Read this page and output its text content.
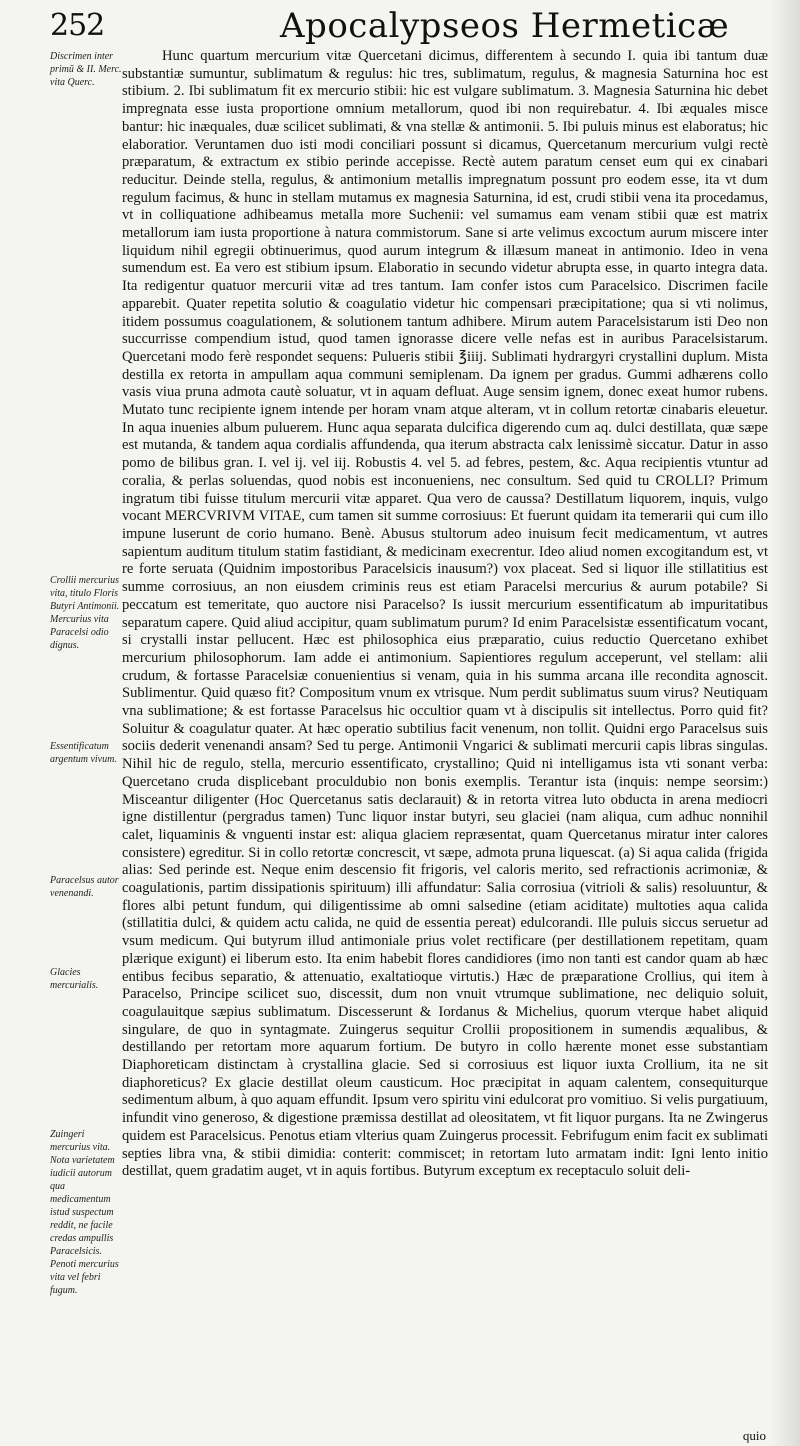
252	Apocalypseos Hermeticæ
Discrimen inter primũ & II. Merc. vita Querc.
Crollii mercurius vita, titulo Floris Butyri Antimonii. Mercurius vita Paracelsi odio dignus.
Essentificatum argentum vivum.
Paracelsus autor venenandi.
Glacies mercurialis.
Zuingeri mercurius vita. Nota varietatem iudicii autorum qua medicamentum istud suspectum reddit, ne facile credas ampullis Paracelsicis. Penoti mercurius vita vel febri fugum.

Hunc quartum mercurium vitæ Quercetani dicimus, differentem à secundo I. quia ibi tantum duæ substantiæ sumuntur, sublimatum & regulus: hic tres, sublimatum, regulus, & magnesia Saturnina hoc est stibium. 2. Ibi sublimatum fit ex mercurio stibii: hic est vulgare sublimatum. 3. Magnesia Saturnina hic debet impregnata esse iusta proportione omnium metallorum, quod ibi non requirebatur. 4. Ibi æquales misce bantur: hic inæquales, duæ scilicet sublimati, & vna stellæ & antimonii. 5. Ibi puluis minus est elaboratus; hic elaboratior. Veruntamen duo isti modi conciliari possunt si dicamus, Quercetanum mercurium vulgi rectè præparatum, & extractum ex stibio perinde accepisse. Rectè autem paratum censet eum qui ex cinabari reducitur. Deinde stella, regulus, & antimonium metallis impregnatum possunt pro eodem esse, ita vt dum regulum facimus, & hunc in stellam mutamus ex magnesia Saturnina, id est, crudi stibii vena ita procedamus, vt in colliquatione adhibeamus metalla more Suchenii: vel sumamus eam venam stibii quæ est matrix metallorum iam iusta proportione à natura commistorum. Sane si arte velimus excoctum aurum miscere inter liquidum nihil egregii obtinuerimus, quod aurum integrum & illæsum maneat in antimonio. Ideo in vena sumendum est. Ea vero est stibium ipsum. Elaboratio in secundo videtur abrupta esse, in quarto integra data. Ita redigentur quatuor mercurii vitæ ad tres tantum. Iam confer istos cum Paracelsico. Discrimen facile apparebit. Quater repetita solutio & coagulatio videtur hic compensari præcipitatione; qua si vti nolimus, itidem possumus coagulationem, & solutionem tantum adhibere. Mirum autem Paracelsistarum isti Deo non succurrisse compendium istud, quod tamen ignorasse dicere velle nefas est in auribus Paracelsistarum. Quercetani modo ferè respondet sequens: Pulueris stibii ℥iiij. Sublimati hydrargyri crystallini duplum. Mista destilla ex retorta in ampullam aqua communi semiplenam. Da ignem per gradus. Gummi adhærens collo vasis viua pruna admota cautè soluatur, vt in aquam defluat. Auge sensim ignem, donec exeat humor rubens. Mutato tunc recipiente ignem intende per horam vnam atque alteram, vt in collum retortæ cinabaris eleuetur. In aqua inuenies album puluerem. Hunc aqua separata dulcifica digerendo cum aq. dulci destillata, quæ sæpe est mutanda, & tandem aqua cordialis affundenda, qua iterum abstracta calx lenissimè siccatur. Datur in asso pomo de bilibus gran. I. vel ij. vel iij. Robustis 4. vel 5. ad febres, pestem, &c. Aqua recipientis vtuntur ad coralia, & perlas soluendas, quod nobis est inconueniens, nec consultum. Sed quid tu CROLLI? Primum ingratum tibi fuisse titulum mercurii vitæ apparet. Qua vero de caussa? Destillatum liquorem, inquis, vulgo vocant MERCVRIVM VITAE, cum tamen sit summe corrosiuus: Et fuerunt quidam ita temerarii qui cum illo impune luserunt de corio humano. Benè. Abusus stultorum adeo inuisum fecit medicamentum, vt autres sapientum auditum titulum statim fastidiant, & medicinam execrentur. Ideo aliud nomen excogitandum est, vt re forte seruata (Quidnim impostoribus Paracelsicis inausum?) vox placeat. Sed si liquor ille stillatitius est summe corrosiuus, an non eiusdem criminis reus est etiam Paracelsi mercurius & aurum potabile? Si peccatum est temeritate, quo auctore nisi Paracelso? Is iussit mercurium essentificatum ab impuritatibus separatum capere. Quid aliud accipitur, quam sublimatum purum? Id enim Paracelsistæ essentificatum vocant, si crystalli instar pellucent. Hæc est philosophica eius præparatio, cuius reductio Quercetano exhibet mercurium philosophorum. Iam adde ei antimonium. Sapientiores regulum acceperunt, vel stellam: alii crudum, & fortasse Paracelsiæ conuenientius si venam, quia in his summa arcana ille recondita agnoscit. Sublimentur. Quid quæso fit? Compositum vnum ex vtrisque. Num perdit sublimatus suum virus? Neutiquam vna sublimatione; & est fortasse Paracelsus hic occultior quam vt à discipulis sit intellectus. Porro quid fit? Soluitur & coagulatur quater. At hæc operatio subtilius facit venenum, non tollit. Quidni ergo Paracelsus suis sociis dederit venenandi ansam? Sed tu perge. Antimonii Vngarici & sublimati mercurii capis libras singulas. Nihil hic de regulo, stella, mercurio essentificato, crystallino; Quid ni intelligamus ista vti sonant verba: Quercetano cruda displicebant proculdubio non bonis exemplis. Terantur ista (inquis: nempe seorsim:) Misceantur diligenter (Hoc Quercetanus satis declarauit) & in retorta vitrea luto obducta in arena mediocri igne distillentur (pergradus tamen) Tunc liquor instar butyri, seu glaciei (nam aliqua, cum adhuc nonnihil calet, liquaminis & vnguenti instar est: aliqua glaciem repræsentat, quam Quercetanus miratur inter calores consistere) egreditur. Si in collo retortæ concrescit, vt sæpe, admota pruna liquescat. (a) Si aqua calida (frigida alias: Sed perinde est. Neque enim descensio fit frigoris, vel caloris merito, sed refractionis acrimoniæ, & coagulationis, partim dissipationis spirituum) illi affundatur: Salia corrosiua (vitrioli & salis) resoluuntur, & flores albi petunt fundum, qui diligentissime ab omni salsedine (etiam aciditate) multoties aqua calida (stillatitia dulci, & quidem actu calida, ne quid de essentia pereat) edulcorandi. Ille puluis siccus seruetur ad vsum medicum. Qui butyrum illud antimoniale prius volet rectificare (per destillationem repetitam, quam plærique exigunt) ei liberum esto. Ita enim habebit flores candidiores (imo non tanti est candor quam ab hæc entibus fecibus separatio, & attenuatio, exaltatioque virtutis.) Hæc de præparatione Crollius, qui item à Paracelso, Principe scilicet suo, discessit, dum non vnuit vtrumque sublimatione, nec deliquio soluit, coagulauitque sæpius sublimatum. Discesserunt & Iordanus & Michelius, quorum vterque habet aliquid singulare, de quo in syntagmate. Zuingerus sequitur Crollii propositionem in sumendis æqualibus, & destillando per retortam more aquarum fortium. De butyro in collo hærente monet esse substantiam Diaphoreticam distinctam à crystallina glacie. Sed si corrosiuus est liquor iuxta Crollium, ita ne sit diaphoreticus? Ex glacie destillat oleum causticum. Hoc præcipitat in aquam calentem, consequiturque sedimentum album, à quo aquam effundit. Ipsum vero spiritu vini edulcorat pro vomitiuo. Si velis purgatiuum, infundit vino generoso, & digestione præmissa destillat ad oleositatem, vt fit liquor purgans. Ita ne Zwingerus quidem est Paracelsicus. Penotus etiam vlterius quam Zuingerus processit. Febrifugum enim facit ex sublimati septies libra vna, & stibii dimidia: conterit: commiscet; in retortam luto armatam indit: Igni lento initio destillat, quem gradatim auget, vt in aquis fortibus. Butyrum exceptum ex receptaculo soluit deli-

quio
